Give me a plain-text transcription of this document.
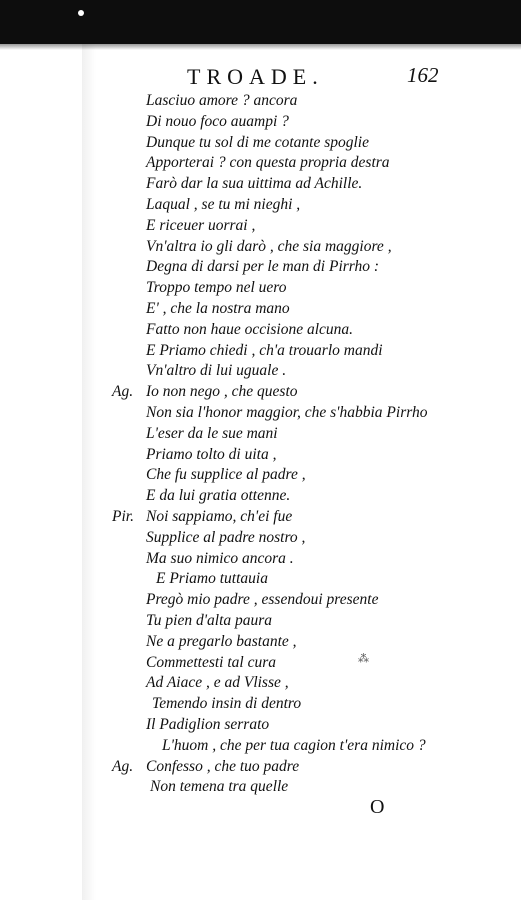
TROADE.	162
Lasciuo amore ? ancora
Di nouo foco auampi ?
Dunque tu sol di me cotante spoglie
Apporterai ? con questa propria destra
Farò dar la sua uittima ad Achille.
Laqual , se tu mi nieghi ,
E riceuer uorrai ,
Vn'altra io gli darò , che sia maggiore ,
Degna di darsi per le man di Pirrho :
Troppo tempo nel uero
E' , che la nostra mano
Fatto non haue occisione alcuna.
E Priamo chiedi , ch'a trouarlo mandi
Vn'altro di lui uguale .
Ag. Io non nego , che questo
Non sia l'honor maggior, che s'habbia Pirrho
L'eser da le sue mani
Priamo tolto di uita ,
Che fu supplice al padre ,
E da lui gratia ottenne.
Pir. Noi sappiamo, ch'ei fue
Supplice al padre nostro ,
Ma suo nimico ancora .
E Priamo tuttauia
Pregò mio padre , essendoui presente
Tu pien d'alta paura
Ne a pregarlo bastante ,
Commettesti tal cura
Ad Aiace , e ad Vlisse ,
Temendo insin di dentro
Il Padiglion serrato
L'huom , che per tua cagion t'era nimico ?
Ag. Confesso , che tuo padre
Non temena tra quelle
⁂
O
